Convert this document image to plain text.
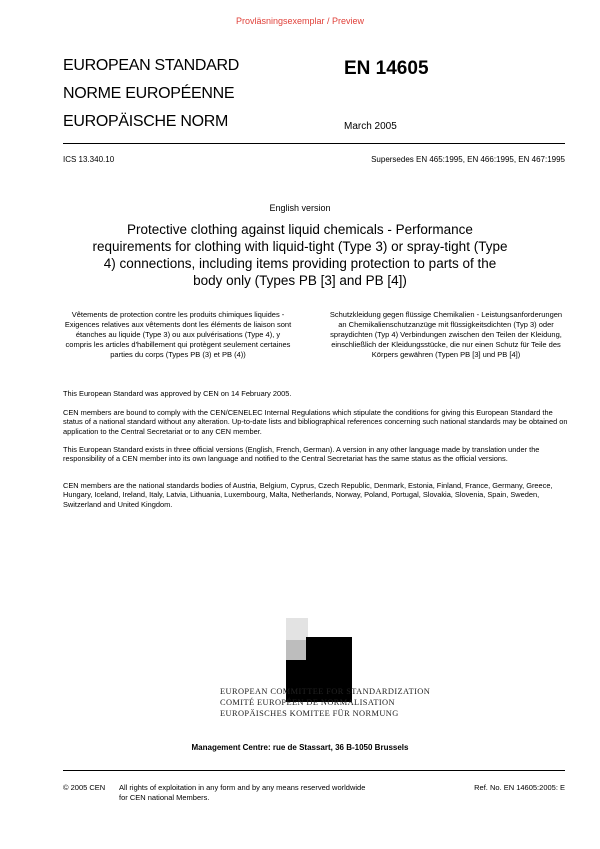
Provläsningsexemplar / Preview
EUROPEAN STANDARD
NORME EUROPÉENNE
EUROPÄISCHE NORM
EN 14605
March 2005
ICS 13.340.10	Supersedes EN 465:1995, EN 466:1995, EN 467:1995
English version
Protective clothing against liquid chemicals - Performance requirements for clothing with liquid-tight (Type 3) or spray-tight (Type 4) connections, including items providing protection to parts of the body only (Types PB [3] and PB [4])
Vêtements de protection contre les produits chimiques liquides - Exigences relatives aux vêtements dont les éléments de liaison sont étanches au liquide (Type 3) ou aux pulvérisations (Type 4), y compris les articles d'habillement qui protègent seulement certaines parties du corps (Types PB (3) et PB (4))
Schutzkleidung gegen flüssige Chemikalien - Leistungsanforderungen an Chemikalienschutzanzüge mit flüssigkeitsdichten (Typ 3) oder spraydichten (Typ 4) Verbindungen zwischen den Teilen der Kleidung, einschließlich der Kleidungsstücke, die nur einen Schutz für Teile des Körpers gewähren (Typen PB [3] und PB [4])
This European Standard was approved by CEN on 14 February 2005.
CEN members are bound to comply with the CEN/CENELEC Internal Regulations which stipulate the conditions for giving this European Standard the status of a national standard without any alteration. Up-to-date lists and bibliographical references concerning such national standards may be obtained on application to the Central Secretariat or to any CEN member.
This European Standard exists in three official versions (English, French, German). A version in any other language made by translation under the responsibility of a CEN member into its own language and notified to the Central Secretariat has the same status as the official versions.
CEN members are the national standards bodies of Austria, Belgium, Cyprus, Czech Republic, Denmark, Estonia, Finland, France, Germany, Greece, Hungary, Iceland, Ireland, Italy, Latvia, Lithuania, Luxembourg, Malta, Netherlands, Norway, Poland, Portugal, Slovakia, Slovenia, Spain, Sweden, Switzerland and United Kingdom.
EUROPEAN COMMITTEE FOR STANDARDIZATION
COMITÉ EUROPÉEN DE NORMALISATION
EUROPÄISCHES KOMITEE FÜR NORMUNG
Management Centre: rue de Stassart, 36 B-1050 Brussels
© 2005 CEN All rights of exploitation in any form and by any means reserved worldwide for CEN national Members.
Ref. No. EN 14605:2005: E
